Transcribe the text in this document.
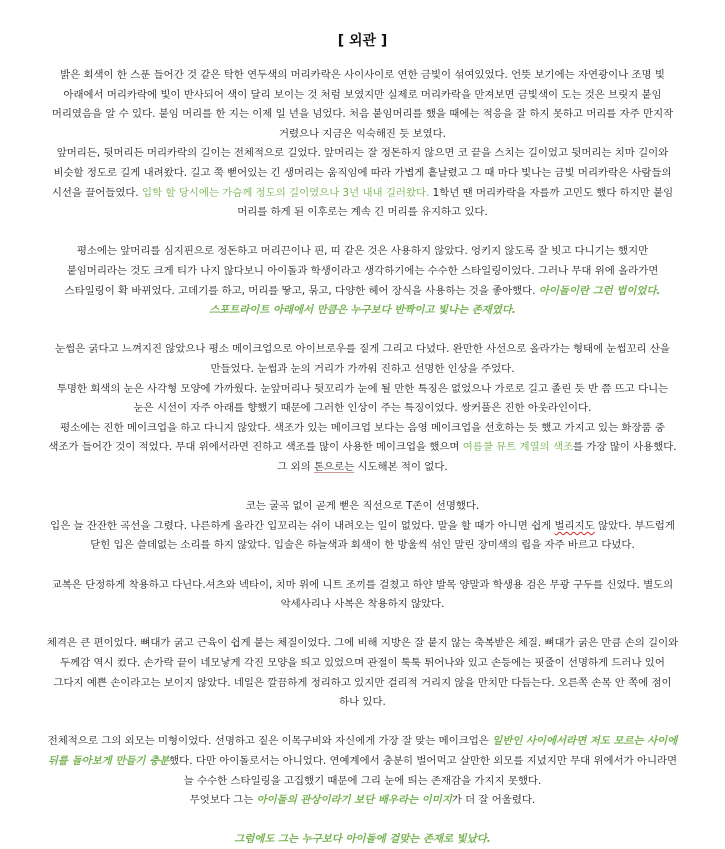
[ 외관 ]
밝은 회색이 한 스푼 들어간 것 같은 탁한 연두색의 머리카락은 사이사이로 연한 금빛이 섞여있었다. 언뜻 보기에는 자연광이나 조명 빛
아래에서 머리카락에 빛이 반사되어 색이 달리 보이는 것 처럼 보였지만 실제로 머리카락을 만져보면 금빛색이 도는 것은 브릿지 붙임
머리였음을 알 수 있다. 붙임 머리를 한 지는 이제 일 년을 넘었다. 처음 붙임머리를 했을 때에는 적응을 잘 하지 못하고 머리를 자주 만지작
거렸으나 지금은 익숙해진 듯 보였다.
앞머리든, 뒷머리든 머리카락의 길이는 전체적으로 길었다. 앞머리는 잘 정돈하지 않으면 코 끝을 스치는 길이었고 뒷머리는 치마 길이와
비슷할 정도로 길게 내려왔다. 길고 쭉 뻗어있는 긴 생머리는 움직임에 따라 가볍게 흩날렸고 그 때 마다 빛나는 금빛 머리카락은 사람들의
시선을 끌어들였다. 입학 할 당시에는 가슴께 정도의 길이였으나 3년 내내 길러왔다. 1학년 땐 머리카락을 자를까 고민도 했다 하지만 붙임
머리를 하게 된 이후로는 계속 긴 머리를 유지하고 있다.
평소에는 앞머리를 심지핀으로 정돈하고 머리끈이나 핀, 띠 같은 것은 사용하지 않았다. 엉키지 않도록 잘 빗고 다니기는 했지만
붙임머리라는 것도 크게 티가 나지 않다보니 아이돌과 학생이라고 생각하기에는 수수한 스타일링이었다. 그러나 무대 위에 올라가면
스타일링이 확 바뀌었다. 고데기를 하고, 머리를 땋고, 묶고, 다양한 헤어 장식을 사용하는 것을 좋아했다. 아이돌이란 그런 법이었다.
스포트라이트 아래에서 만큼은 누구보다 반짝이고 빛나는 존재였다.
눈썹은 굵다고 느껴지진 않았으나 평소 메이크업으로 아이브로우를 짙게 그리고 다녔다. 완만한 사선으로 올라가는 형태에 눈썹꼬리 산을
만들었다. 눈썹과 눈의 거리가 가까워 진하고 선명한 인상을 주었다.
투명한 회색의 눈은 사각형 모양에 가까웠다. 눈앞머리나 뒷꼬리가 눈에 될 만한 특징은 없었으나 가로로 길고 졸린 듯 반 쯤 뜨고 다니는
눈은 시선이 자주 아래를 향했기 때문에 그러한 인상이 주는 특징이었다. 쌍커풀은 진한 아웃라인이다.
평소에는 진한 메이크업을 하고 다니지 않았다. 색조가 있는 메이크업 보다는 음영 메이크업을 선호하는 듯 했고 가지고 있는 화장품 중
색조가 들어간 것이 적었다. 무대 위에서라면 진하고 색조를 많이 사용한 메이크업을 했으며 여름쿨 뮤트 계열의 색조를 가장 많이 사용했다.
그 외의 톤으로는 시도해본 적이 없다.
코는 굴곡 없이 곧게 뻗은 직선으로 T존이 선명했다.
입은 늘 잔잔한 곡선을 그렸다. 나른하게 올라간 입꼬리는 쉬이 내려오는 일이 없었다. 말을 할 때가 아니면 쉽게 벌리지도 않았다. 부드럽게
닫힌 입은 쓸데없는 소리를 하지 않았다. 입술은 하늘색과 회색이 한 방울씩 섞인 말린 장미색의 립을 자주 바르고 다녔다.
교복은 단정하게 착용하고 다닌다.셔츠와 넥타이, 치마 위에 니트 조끼를 걸쳤고 하얀 발목 양말과 학생용 검은 무광 구두를 신었다. 별도의
악세사리나 사복은 착용하지 않았다.
체격은 큰 편이었다. 뼈대가 굵고 근육이 쉽게 붙는 체질이었다. 그에 비해 지방은 잘 붙지 않는 축복받은 체질. 뼈대가 굵은 만큼 손의 길이와
두께감 역시 컸다. 손가락 끝이 네모낳게 각진 모양을 띄고 있었으며 관절이 툭툭 튀어나와 있고 손등에는 핏줄이 선명하게 드러나 있어
그다지 예쁜 손이라고는 보이지 않았다. 네일은 깔끔하게 정리하고 있지만 걸리적 거리지 않을 만치만 다듬는다. 오른쪽 손목 안 쪽에 점이
하나 있다.
전체적으로 그의 외모는 미형이었다. 선명하고 짙은 이목구비와 자신에게 가장 잘 맞는 메이크업은 일반인 사이에서라면 저도 모르는 사이에
뒤를 돌아보게 만들기 충분했다. 다만 아이돌로서는 아니었다. 연예계에서 충분히 벌어먹고 살만한 외모를 지녔지만 무대 위에서가 아니라면
늘 수수한 스타일링을 고집했기 때문에 그리 눈에 띄는 존재감을 가지지 못했다.
무엇보다 그는 아이돌의 관상이라기 보단 배우라는 이미지가 더 잘 어울렸다.
그럼에도 그는 누구보다 아이돌에 걸맞는 존재로 빛났다.
